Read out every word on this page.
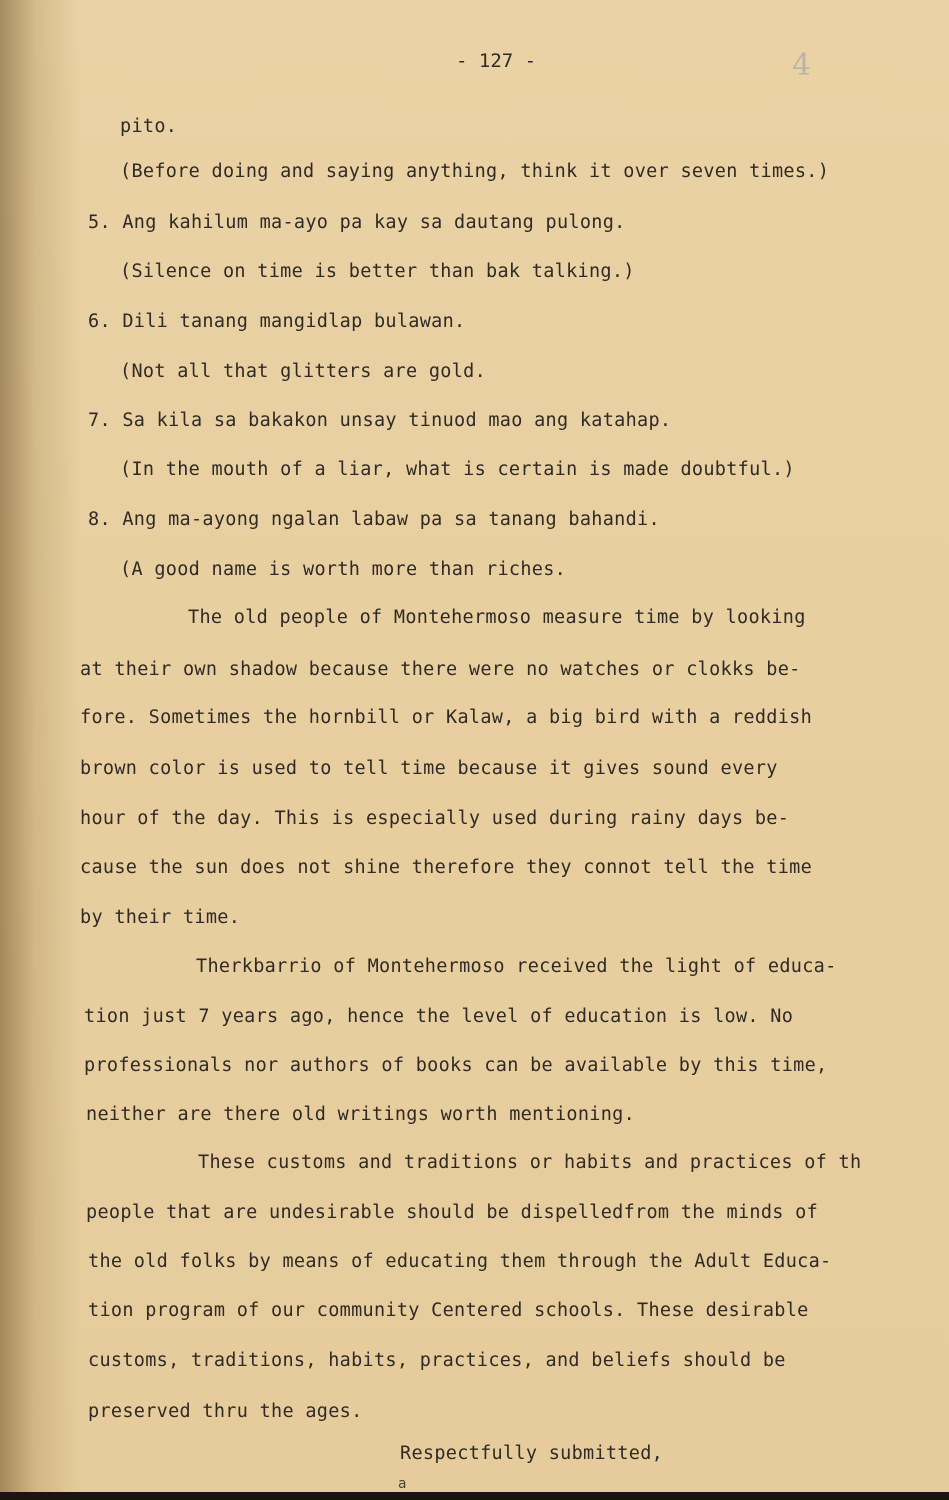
- 127 -	4
pito.
(Before doing and saying anything, think it over seven times.)
5. Ang kahilum ma-ayo pa kay sa dautang pulong.
(Silence on time is better than bak talking.)
6. Dili tanang mangidlap bulawan.
(Not all that glitters are gold.
7. Sa kila sa bakakon unsay tinuod mao ang katahap.
(In the mouth of a liar, what is certain is made doubtful.)
8. Ang ma-ayong ngalan labaw pa sa tanang bahandi.
(A good name is worth more than riches.
The old people of Montehermoso measure time by looking
at their own shadow because there were no watches or clokks be-
fore. Sometimes the hornbill or Kalaw, a big bird with a reddish
brown color is used to tell time because it gives sound every
hour of the day. This is especially used during rainy days be-
cause the sun does not shine therefore they connot tell the time
by their time.
Therkbarrio of Montehermoso received the light of educa-
tion just 7 years ago, hence the level of education is low. No
professionals nor authors of books can be available by this time,
neither are there old writings worth mentioning.
These customs and traditions or habits and practices of th
people that are undesirable should be dispelledfrom the minds of
the old folks by means of educating them through the Adult Educa-
tion program of our community Centered schools. These desirable
customs, traditions, habits, practices, and beliefs should be
preserved thru the ages.
Respectfully submitted,
a
